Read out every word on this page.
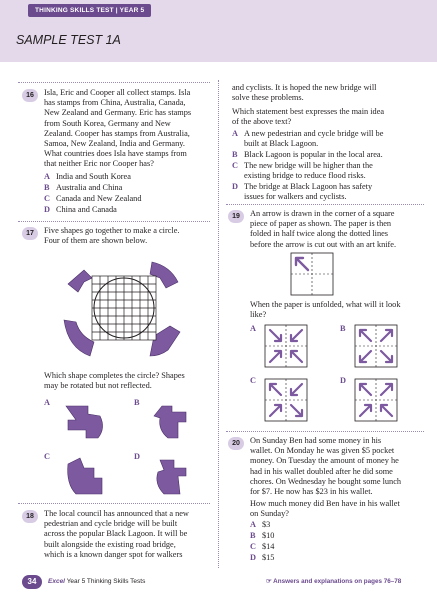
THINKING SKILLS TEST | YEAR 5
SAMPLE TEST 1A
16	Isla, Eric and Cooper all collect stamps. Isla
has stamps from China, Australia, Canada,
New Zealand and Germany. Eric has stamps
from South Korea, Germany and New
Zealand. Cooper has stamps from Australia,
Samoa, New Zealand, India and Germany.
What countries does Isla have stamps from
that neither Eric nor Cooper has?
A India and South Korea
B Australia and China
C Canada and New Zealand
D China and Canada
17	Five shapes go together to make a circle.
Four of them are shown below.
Which shape completes the circle? Shapes
may be rotated but not reflected.
A	B
C	D
18	The local council has announced that a new
pedestrian and cycle bridge will be built
across the popular Black Lagoon. It will be
built alongside the existing road bridge,
which is a known danger spot for walkers
and cyclists. It is hoped the new bridge will
solve these problems.
Which statement best expresses the main idea
of the above text?
A A new pedestrian and cycle bridge will be
built at Black Lagoon.
B Black Lagoon is popular in the local area.
C The new bridge will be higher than the
existing bridge to reduce flood risks.
D The bridge at Black Lagoon has safety
issues for walkers and cyclists.
19	An arrow is drawn in the corner of a square
piece of paper as shown. The paper is then
folded in half twice along the dotted lines
before the arrow is cut out with an art knife.
When the paper is unfolded, what will it look
like?
A	B
C	D
20	On Sunday Ben had some money in his
wallet. On Monday he was given $5 pocket
money. On Tuesday the amount of money he
had in his wallet doubled after he did some
chores. On Wednesday he bought some lunch
for $7. He now has $23 in his wallet.
How much money did Ben have in his wallet
on Sunday?
A $3
B $10
C $14
D $15
34	Excel Year 5 Thinking Skills Tests	☞ Answers and explanations on pages 76–78
